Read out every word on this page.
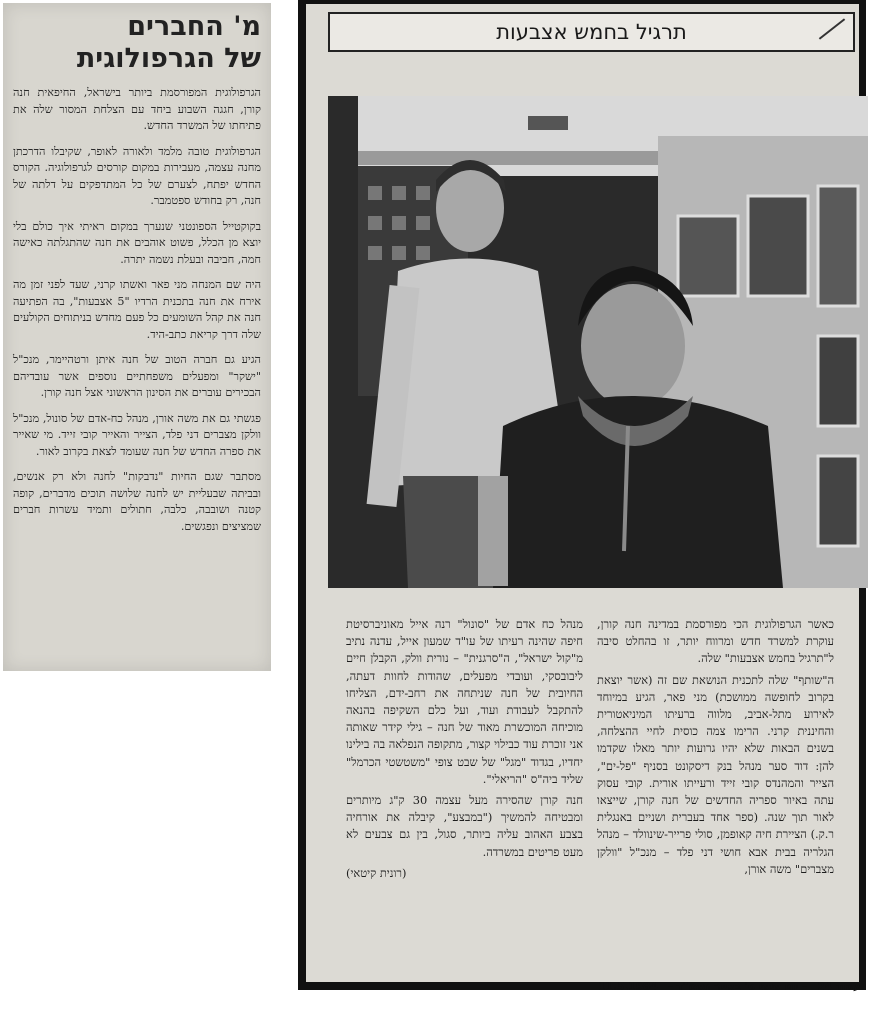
מ' החברים
של הגרפולוגית

הגרפולוגית המפורסמת ביותר בישראל, החיפאית חנה קורן, חגגה השבוע ביחד עם הצלחת המסור שלה את פתיחתו של המשרד החדש.

הגרפולוגית טובה מלמד ולאורה לאופר, שקיבלו הדרכתן מחנה עצמה, מעבירות במקום קורסים לגרפולוגיה. הקורס החדש יפתח, לצערם של כל המתדפקים על דלתה של חנה, רק בחודש ספטמבר.

בקוקטייל הספונטני שנערך במקום ראיתי איך כולם בלי יוצא מן הכלל, פשוט אוהבים את חנה שהתגלתה כאישה חמה, חביבה ובעלת נשמה יתרה.

היה שם המנחה מני פאר ואשתו קרני, שעד לפני זמן מה אירח את חנה בתכנית הרדיו "5 אצבעות", בה הפתיעה חנה את קהל השומעים כל פעם מחדש בניתוחים הקולעים שלה דרך קריאת כתב-היד.

הגיע גם חברה הטוב של חנה איתן ורטהיימר, מנכ"ל "ישקר" ומפעלים משפחתיים נוספים אשר עובדיהם הבכירים עוברים את הסינון הראשוני אצל חנה קורן.

פגשתי גם את משה אורן, מנהל כח-אדם של סונול, מנכ"ל וולקן מצברים דני פלד, הצייר והאייר קובי זייד. מי שאייר את ספרה החדש של חנה שעומד לצאת בקרוב לאור.

מסתבר שגם החיות "נדבקות" לחנה ולא רק אנשים, ובביתה שבעליית יש לחנה שלושה תוכים מדברים, קופה קטנה ושובבה, כלבה, חתולים ותמיד עשרות חברים שמציצים ונפגשים.

תרגיל בחמש אצבעות

כאשר הגרפולוגית הכי מפורסמת במדינה חנה קורן, עוקרת למשרד חדש ומרווח יותר, זו בהחלט סיבה ל"תרגיל בחמש אצבעות" שלה.

ה"שותף" שלה לתכנית הנושאת שם זה (אשר יוצאת בקרוב לחופשה ממושכת) מני פאר, הגיע במיוחד לאירוע מתל-אביב, מלווה ברעיתו המיניאטורית והחיננית קרני. הרימו צמה כוסית לחיי ההצלחה, בשנים הבאות שלא יהיו גרועות יותר מאלו שקדמו להן: דוד סער מנהל בנק דיסקונט בסניף "פל-ים", הצייר והמהנדס קובי זייד ורעייתו אורית. קובי עסוק עתה באיור ספריה החדשים של חנה קורן, שייצאו לאור תוך שנה. (ספר אחד בעברית ושניים באנגלית ר.ק.) הציירת חיה קאופמן, סולי פרייר-שינוולד – מנהל הגלריה בבית אבא חושי דני פלד – מנכ"ל "וולקן מצברים" משה אורן,

מנהל כח אדם של "סונול" רנה אייל מאוניברסיטת חיפה שהינה רעיתו של עו"ד שמעון אייל, עדנה נתיב מ"קול ישראל", ה"סרגנית" – נורית וולק, הקבלן חיים ליבובסקי, ועובדי מפעלים, שהודות לחוות דעתה, החיובית של חנה שניתחה את רחב-ידם, הצליחו להתקבל לעבודת ועוד, ועל כלם השקיפה בהנאה מוכיחה המוכשרת מאוד של חנה – גילי קידר שאותה אני זוכרת עוד כבילוי קצור, מתקופה הנפלאה בה בילינו יחדיו, בגדוד "מגל" של שבט צופי "משטשטי הכרמל" שליד ביה"ס "הריאלי".

חנה קורן שהסירה מעל עצמה 30 ק"ג מיותרים ומבטיחה להמשיך ("במבצע", קיבלה את אורחיה בצבע האהוב עליה ביותר, סגול, בין גם צבעים לא מעט פריטים במשרדה.

(רונית קיטאי)
עמוד 24
– יום שישי ט' באייר תשמ"ד –
11.5.1984
